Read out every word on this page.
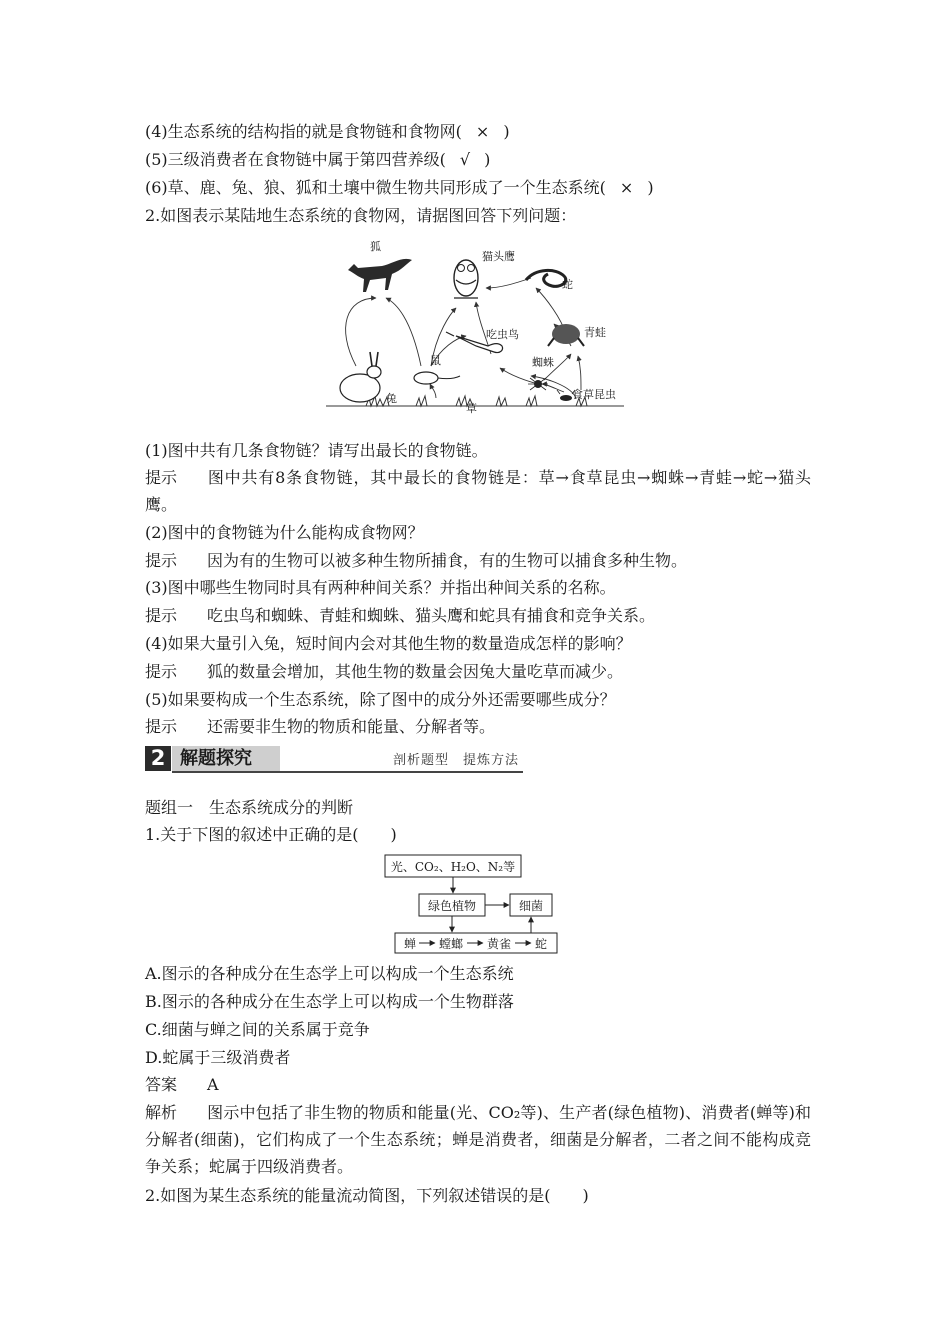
(4)生态系统的结构指的就是食物链和食物网( × )
(5)三级消费者在食物链中属于第四营养级( √ )
(6)草、鹿、兔、狼、狐和土壤中微生物共同形成了一个生态系统( × )
2.如图表示某陆地生态系统的食物网，请据图回答下列问题：
狐
猫头鹰
蛇
吃虫鸟	青蛙
鼠	蜘蛛
兔
草
食草昆虫
(1)图中共有几条食物链？请写出最长的食物链。
提示 图中共有8条食物链，其中最长的食物链是：草→食草昆虫→蜘蛛→青蛙→蛇→猫头鹰。
(2)图中的食物链为什么能构成食物网？
提示 因为有的生物可以被多种生物所捕食，有的生物可以捕食多种生物。
(3)图中哪些生物同时具有两种种间关系？并指出种间关系的名称。
提示 吃虫鸟和蜘蛛、青蛙和蜘蛛、猫头鹰和蛇具有捕食和竞争关系。
(4)如果大量引入兔，短时间内会对其他生物的数量造成怎样的影响？
提示 狐的数量会增加，其他生物的数量会因兔大量吃草而减少。
(5)如果要构成一个生态系统，除了图中的成分外还需要哪些成分？
提示 还需要非生物的物质和能量、分解者等。
2 解题探究	剖析题型　提炼方法
题组一　生态系统成分的判断
1.关于下图的叙述中正确的是(　　)
光、CO₂、H₂O、N₂等
绿色植物	细菌
蝉 螳螂 黄雀 蛇
A.图示的各种成分在生态学上可以构成一个生态系统
B.图示的各种成分在生态学上可以构成一个生物群落
C.细菌与蝉之间的关系属于竞争
D.蛇属于三级消费者
答案 A
解析 图示中包括了非生物的物质和能量(光、CO₂等)、生产者(绿色植物)、消费者(蝉等)和分解者(细菌)，它们构成了一个生态系统；蝉是消费者，细菌是分解者，二者之间不能构成竞争关系；蛇属于四级消费者。
2.如图为某生态系统的能量流动简图，下列叙述错误的是(　　)
